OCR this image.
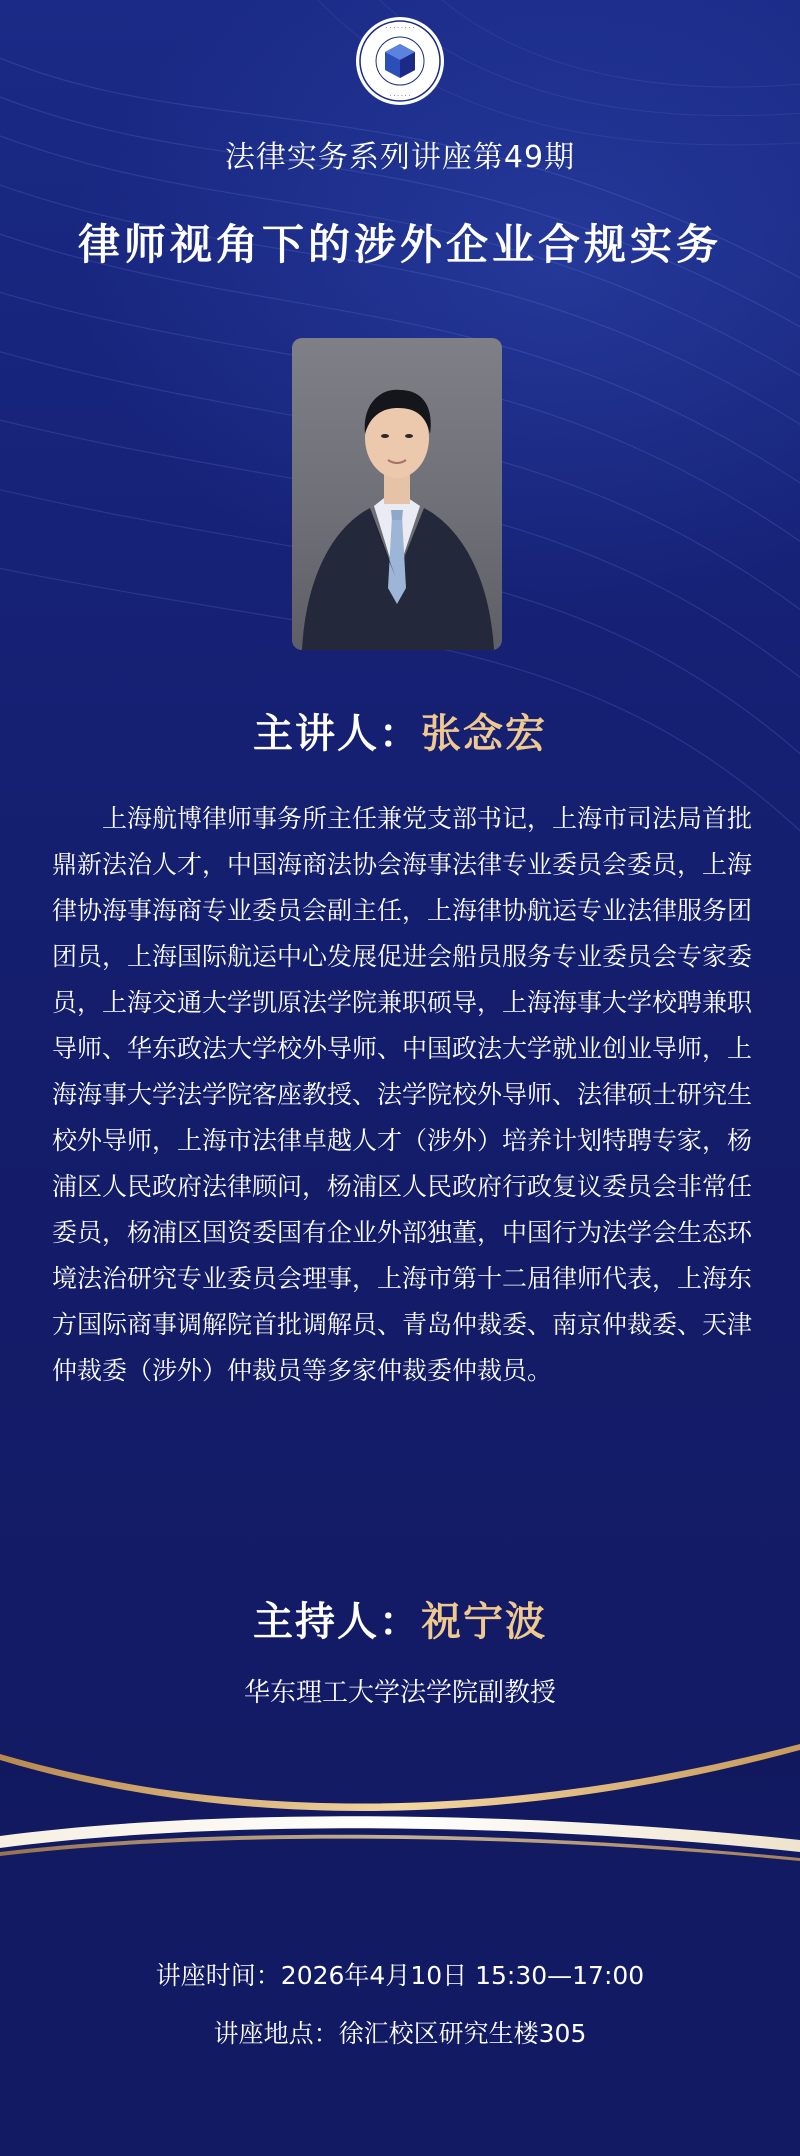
· · · · · · · ·
· · · · · ·
法律实务系列讲座第49期
律师视角下的涉外企业合规实务
主讲人：张念宏

上海航博律师事务所主任兼党支部书记，上海市司法局首批鼎新法治人才，中国海商法协会海事法律专业委员会委员，上海律协海事海商专业委员会副主任，上海律协航运专业法律服务团团员，上海国际航运中心发展促进会船员服务专业委员会专家委员，上海交通大学凯原法学院兼职硕导，上海海事大学校聘兼职导师、华东政法大学校外导师、中国政法大学就业创业导师，上海海事大学法学院客座教授、法学院校外导师、法律硕士研究生校外导师，上海市法律卓越人才（涉外）培养计划特聘专家，杨浦区人民政府法律顾问，杨浦区人民政府行政复议委员会非常任委员，杨浦区国资委国有企业外部独董，中国行为法学会生态环境法治研究专业委员会理事，上海市第十二届律师代表，上海东方国际商事调解院首批调解员、青岛仲裁委、南京仲裁委、天津仲裁委（涉外）仲裁员等多家仲裁委仲裁员。

主持人：祝宁波
华东理工大学法学院副教授
讲座时间：2026年4月10日 15:30—17:00
讲座地点：徐汇校区研究生楼305
